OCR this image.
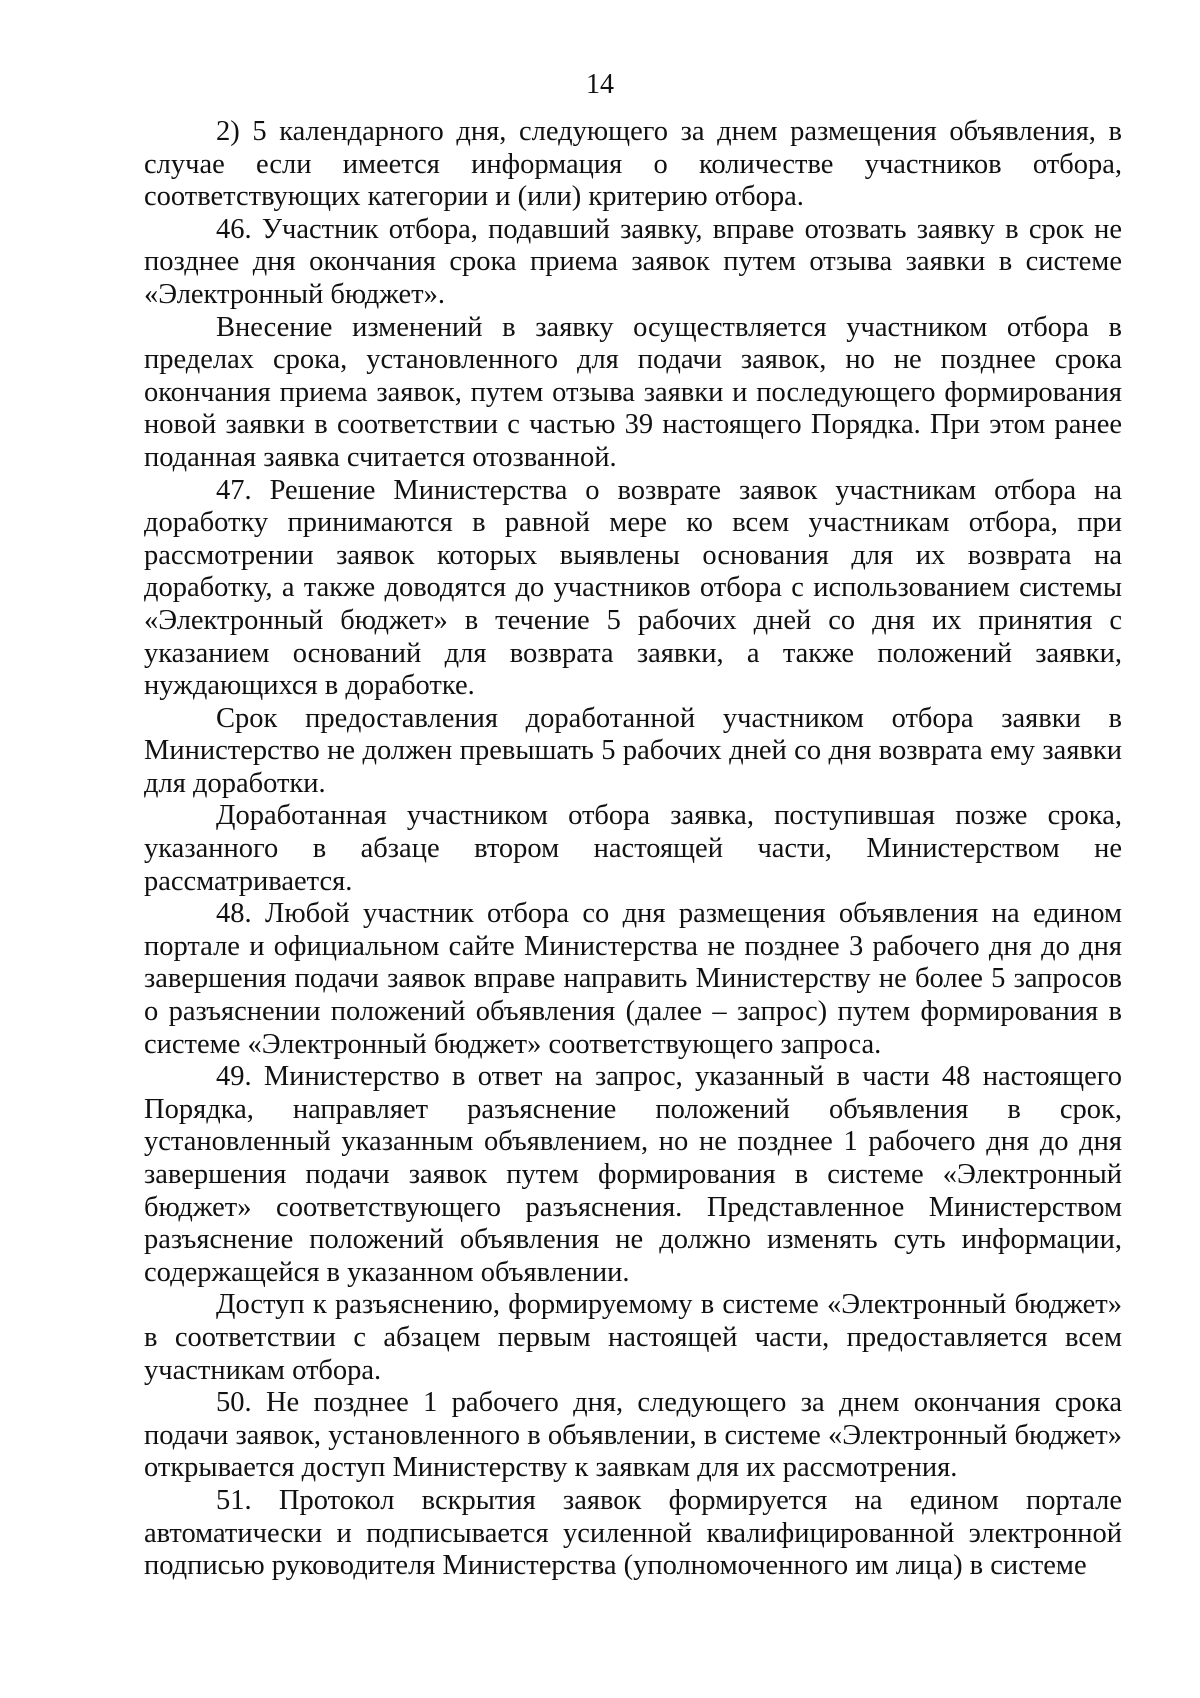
14

2) 5 календарного дня, следующего за днем размещения объявления, в случае если имеется информация о количестве участников отбора, соответствующих категории и (или) критерию отбора.

46. Участник отбора, подавший заявку, вправе отозвать заявку в срок не позднее дня окончания срока приема заявок путем отзыва заявки в системе «Электронный бюджет».

Внесение изменений в заявку осуществляется участником отбора в пределах срока, установленного для подачи заявок, но не позднее срока окончания приема заявок, путем отзыва заявки и последующего формирования новой заявки в соответствии с частью 39 настоящего Порядка. При этом ранее поданная заявка считается отозванной.

47. Решение Министерства о возврате заявок участникам отбора на доработку принимаются в равной мере ко всем участникам отбора, при рассмотрении заявок которых выявлены основания для их возврата на доработку, а также доводятся до участников отбора с использованием системы «Электронный бюджет» в течение 5 рабочих дней со дня их принятия с указанием оснований для возврата заявки, а также положений заявки, нуждающихся в доработке.

Срок предоставления доработанной участником отбора заявки в Министерство не должен превышать 5 рабочих дней со дня возврата ему заявки для доработки.

Доработанная участником отбора заявка, поступившая позже срока, указанного в абзаце втором настоящей части, Министерством не рассматривается.

48. Любой участник отбора со дня размещения объявления на едином портале и официальном сайте Министерства не позднее 3 рабочего дня до дня завершения подачи заявок вправе направить Министерству не более 5 запросов о разъяснении положений объявления (далее – запрос) путем формирования в системе «Электронный бюджет» соответствующего запроса.

49. Министерство в ответ на запрос, указанный в части 48 настоящего Порядка, направляет разъяснение положений объявления в срок, установленный указанным объявлением, но не позднее 1 рабочего дня до дня завершения подачи заявок путем формирования в системе «Электронный бюджет» соответствующего разъяснения. Представленное Министерством разъяснение положений объявления не должно изменять суть информации, содержащейся в указанном объявлении.

Доступ к разъяснению, формируемому в системе «Электронный бюджет» в соответствии с абзацем первым настоящей части, предоставляется всем участникам отбора.

50. Не позднее 1 рабочего дня, следующего за днем окончания срока подачи заявок, установленного в объявлении, в системе «Электронный бюджет» открывается доступ Министерству к заявкам для их рассмотрения.

51. Протокол вскрытия заявок формируется на едином портале автоматически и подписывается усиленной квалифицированной электронной подписью руководителя Министерства (уполномоченного им лица) в системе
